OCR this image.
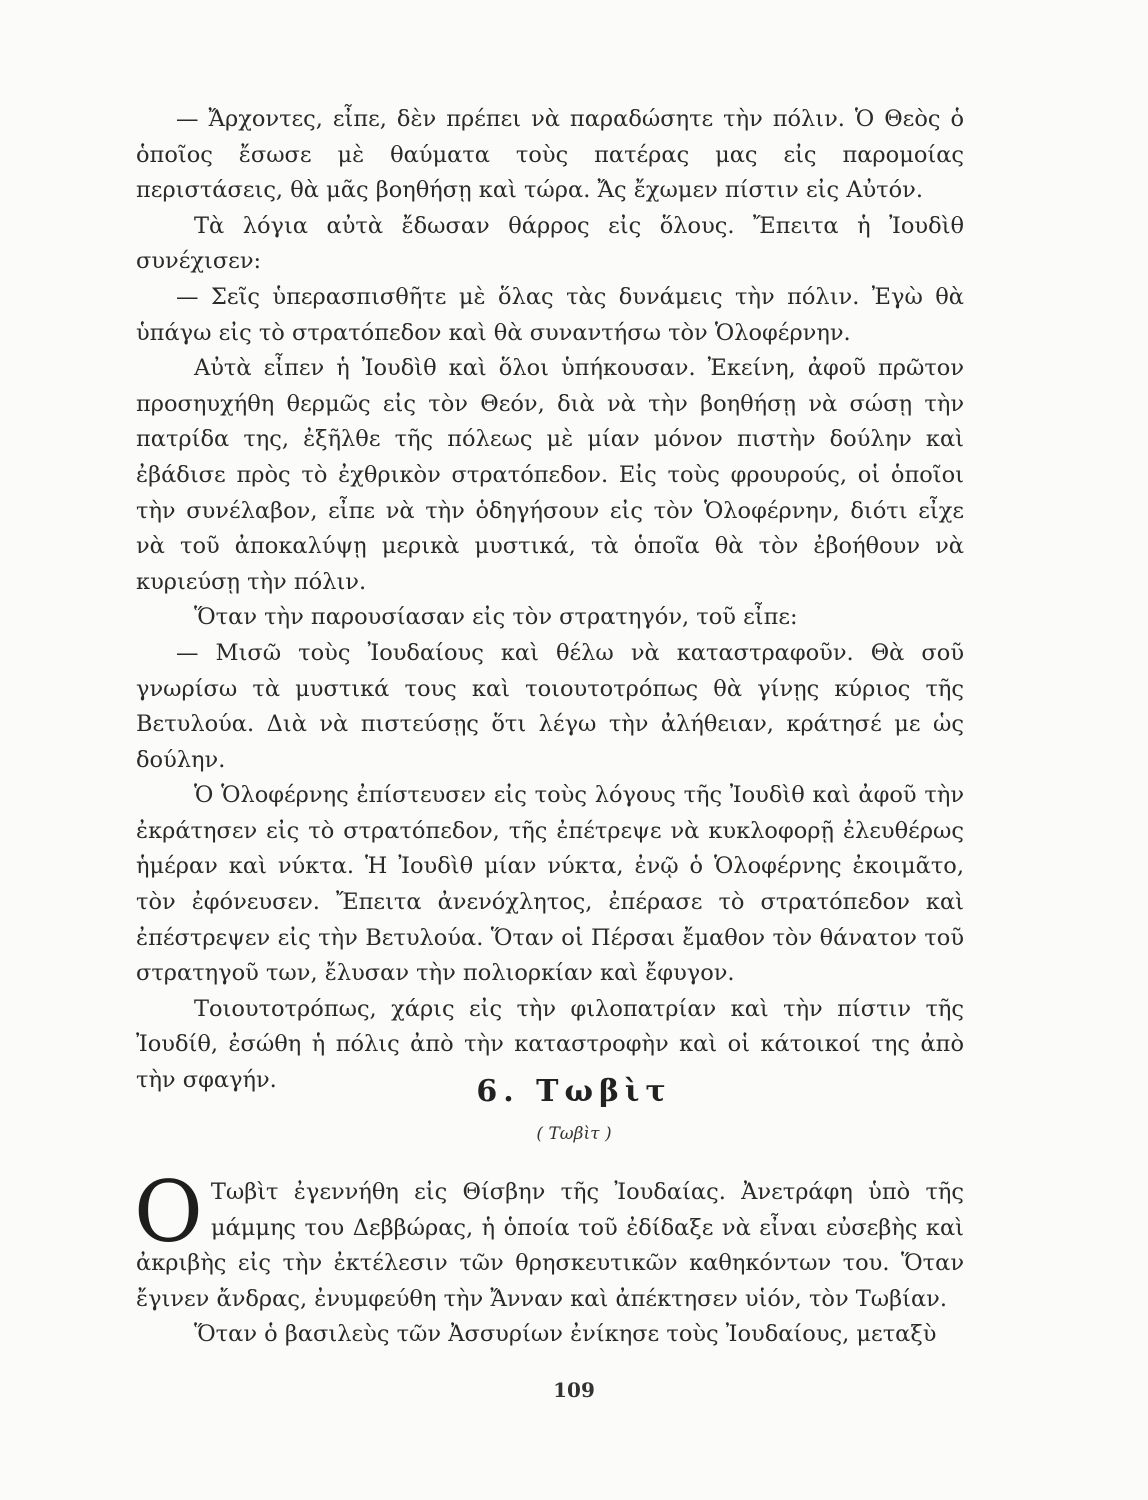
— Ἄρχοντες, εἶπε, δὲν πρέπει νὰ παραδώσητε τὴν πόλιν. Ὁ Θεὸς ὁ ὁποῖος ἔσωσε μὲ θαύματα τοὺς πατέρας μας εἰς παρομοίας περιστάσεις, θὰ μᾶς βοηθήσῃ καὶ τώρα. Ἄς ἔχωμεν πίστιν εἰς Αὐτόν.

Τὰ λόγια αὐτὰ ἔδωσαν θάρρος εἰς ὅλους. Ἔπειτα ἡ Ἰουδὶθ συνέχισεν:

— Σεῖς ὑπερασπισθῆτε μὲ ὅλας τὰς δυνάμεις τὴν πόλιν. Ἐγὼ θὰ ὑπάγω εἰς τὸ στρατόπεδον καὶ θὰ συναντήσω τὸν Ὁλοφέρνην.

Αὐτὰ εἶπεν ἡ Ἰουδὶθ καὶ ὅλοι ὑπήκουσαν. Ἐκείνη, ἀφοῦ πρῶτον προσηυχήθη θερμῶς εἰς τὸν Θεόν, διὰ νὰ τὴν βοηθήσῃ νὰ σώσῃ τὴν πατρίδα της, ἐξῆλθε τῆς πόλεως μὲ μίαν μόνον πιστὴν δούλην καὶ ἐβάδισε πρὸς τὸ ἐχθρικὸν στρατόπεδον. Εἰς τοὺς φρουρούς, οἱ ὁποῖοι τὴν συνέλαβον, εἶπε νὰ τὴν ὁδηγήσουν εἰς τὸν Ὁλοφέρνην, διότι εἶχε νὰ τοῦ ἀποκαλύψῃ μερικὰ μυστικά, τὰ ὁποῖα θὰ τὸν ἐβοήθουν νὰ κυριεύσῃ τὴν πόλιν.

Ὅταν τὴν παρουσίασαν εἰς τὸν στρατηγόν, τοῦ εἶπε:

— Μισῶ τοὺς Ἰουδαίους καὶ θέλω νὰ καταστραφοῦν. Θὰ σοῦ γνωρίσω τὰ μυστικά τους καὶ τοιουτοτρόπως θὰ γίνῃς κύριος τῆς Βετυλούα. Διὰ νὰ πιστεύσῃς ὅτι λέγω τὴν ἀλήθειαν, κράτησέ με ὡς δούλην.

Ὁ Ὁλοφέρνης ἐπίστευσεν εἰς τοὺς λόγους τῆς Ἰουδὶθ καὶ ἀφοῦ τὴν ἐκράτησεν εἰς τὸ στρατόπεδον, τῆς ἐπέτρεψε νὰ κυκλοφορῇ ἐλευθέρως ἡμέραν καὶ νύκτα. Ἡ Ἰουδὶθ μίαν νύκτα, ἐνῷ ὁ Ὁλοφέρνης ἐκοιμᾶτο, τὸν ἐφόνευσεν. Ἔπειτα ἀνενόχλητος, ἐπέρασε τὸ στρατόπεδον καὶ ἐπέστρεψεν εἰς τὴν Βετυλούα. Ὅταν οἱ Πέρσαι ἔμαθον τὸν θάνατον τοῦ στρατηγοῦ των, ἔλυσαν τὴν πολιορκίαν καὶ ἔφυγον.

Τοιουτοτρόπως, χάρις εἰς τὴν φιλοπατρίαν καὶ τὴν πίστιν τῆς Ἰουδίθ, ἐσώθη ἡ πόλις ἀπὸ τὴν καταστροφὴν καὶ οἱ κάτοικοί της ἀπὸ τὴν σφαγήν.	6. Τωβὶτ
( Τωβὶτ )

Ο Τωβὶτ ἐγεννήθη εἰς Θίσβην τῆς Ἰουδαίας. Ἀνετράφη ὑπὸ τῆς μάμμης του Δεββώρας, ἡ ὁποία τοῦ ἐδίδαξε νὰ εἶναι εὐσεβὴς καὶ ἀκριβὴς εἰς τὴν ἐκτέλεσιν τῶν θρησκευτικῶν καθηκόντων του. Ὅταν ἔγινεν ἄνδρας, ἐνυμφεύθη τὴν Ἄνναν καὶ ἀπέκτησεν υἱόν, τὸν Τωβίαν.

Ὅταν ὁ βασιλεὺς τῶν Ἀσσυρίων ἐνίκησε τοὺς Ἰουδαίους, μεταξὺ

109
